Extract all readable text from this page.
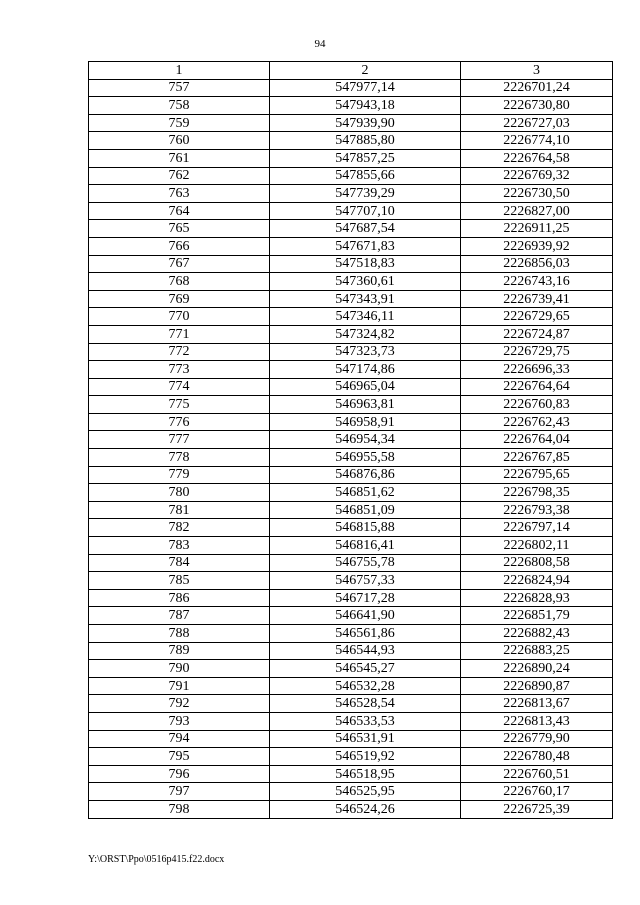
94
1	2	3
757	547977,14	2226701,24
758	547943,18	2226730,80
759	547939,90	2226727,03
760	547885,80	2226774,10
761	547857,25	2226764,58
762	547855,66	2226769,32
763	547739,29	2226730,50
764	547707,10	2226827,00
765	547687,54	2226911,25
766	547671,83	2226939,92
767	547518,83	2226856,03
768	547360,61	2226743,16
769	547343,91	2226739,41
770	547346,11	2226729,65
771	547324,82	2226724,87
772	547323,73	2226729,75
773	547174,86	2226696,33
774	546965,04	2226764,64
775	546963,81	2226760,83
776	546958,91	2226762,43
777	546954,34	2226764,04
778	546955,58	2226767,85
779	546876,86	2226795,65
780	546851,62	2226798,35
781	546851,09	2226793,38
782	546815,88	2226797,14
783	546816,41	2226802,11
784	546755,78	2226808,58
785	546757,33	2226824,94
786	546717,28	2226828,93
787	546641,90	2226851,79
788	546561,86	2226882,43
789	546544,93	2226883,25
790	546545,27	2226890,24
791	546532,28	2226890,87
792	546528,54	2226813,67
793	546533,53	2226813,43
794	546531,91	2226779,90
795	546519,92	2226780,48
796	546518,95	2226760,51
797	546525,95	2226760,17
798	546524,26	2226725,39
Y:\ORST\Ppo\0516p415.f22.docx
